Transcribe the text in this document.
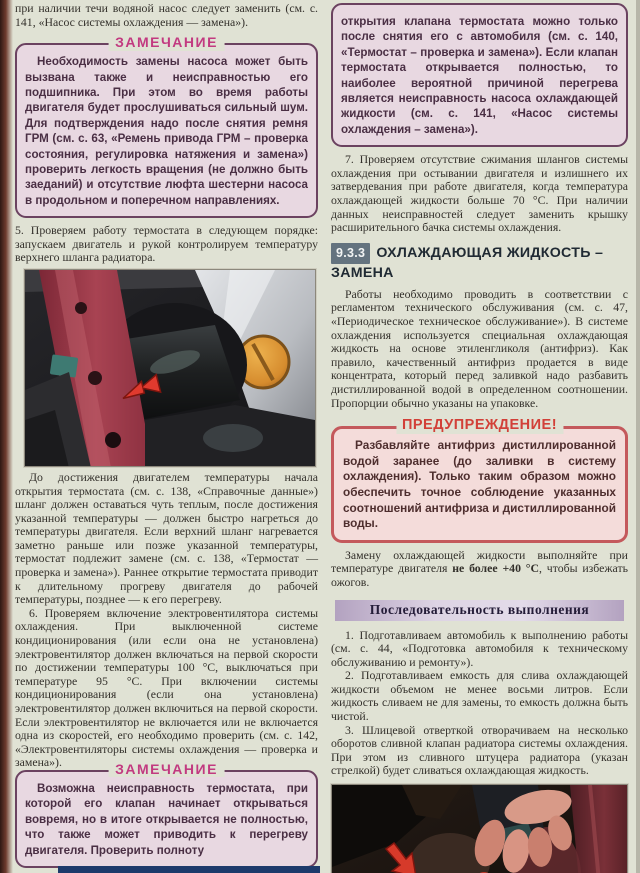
при наличии течи водяной насос следует заменить (см. с. 141, «Насос системы охлаждения — замена»).

ЗАМЕЧАНИЕ

Необходимость замены насоса может быть вызвана также и неисправностью его подшипника. При этом во время работы двигателя будет прослушиваться сильный шум. Для подтверждения надо после снятия ремня ГРМ (см. с. 63, «Ремень привода ГРМ – проверка состояния, регулировка натяжения и замена») проверить легкость вращения (не должно быть заеданий) и отсутствие люфта шестерни насоса в продольном и поперечном направлениях.

5. Проверяем работу термостата в следующем порядке: запускаем двигатель и рукой контролируем температуру верхнего шланга радиатора.

До достижения двигателем температуры начала открытия термостата (см. с. 138, «Справочные данные») шланг должен оставаться чуть теплым, после достижения указанной температуры — должен быстро нагреться до температуры двигателя. Если верхний шланг нагревается заметно раньше или позже указанной температуры, термостат подлежит замене (см. с. 138, «Термостат — проверка и замена»). Раннее открытие термостата приводит к длительному прогреву двигателя до рабочей температуры, позднее — к его перегреву.

6. Проверяем включение электровентилятора системы охлаждения. При выключенной системе кондиционирования (или если она не установлена) электровентилятор должен включаться на первой скорости по достижении температуры 100 °С, выключаться при температуре 95 °С. При включении системы кондиционирования (если она установлена) электровентилятор должен включиться на первой скорости. Если электровентилятор не включается или не включается одна из скоростей, его необходимо проверить (см. с. 142, «Электровентиляторы системы охлаждения — проверка и замена»).	ЗАМЕЧАНИЕ

Возможна неисправность термостата, при которой его клапан начинает открываться вовремя, но в итоге открывается не полностью, что также может приводить к перегреву двигателя. Проверить полноту

открытия клапана термостата можно только после снятия его с автомобиля (см. с. 140, «Термостат – проверка и замена»). Если клапан термостата открывается полностью, то наиболее вероятной причиной перегрева является неисправность насоса охлаждающей жидкости (см. с. 141, «Насос системы охлаждения – замена»).

7. Проверяем отсутствие сжимания шлангов системы охлаждения при остывании двигателя и излишнего их затвердевания при работе двигателя, когда температура охлаждающей жидкости больше 70 °С. При наличии данных неисправностей следует заменить крышку расширительного бачка системы охлаждения.

9.3.3 ОХЛАЖДАЮЩАЯ ЖИДКОСТЬ – ЗАМЕНА

Работы необходимо проводить в соответствии с регламентом технического обслуживания (см. с. 47, «Периодическое техническое обслуживание»). В системе охлаждения используется специальная охлаждающая жидкость на основе этиленгликоля (антифриз). Как правило, качественный антифриз продается в виде концентрата, который перед заливкой надо разбавить дистиллированной водой в определенном соотношении. Пропорции обычно указаны на упаковке.

ПРЕДУПРЕЖДЕНИЕ!

Разбавляйте антифриз дистиллированной водой заранее (до заливки в систему охлаждения). Только таким образом можно обеспечить точное соблюдение указанных соотношений антифриза и дистиллированной воды.

Замену охлаждающей жидкости выполняйте при температуре двигателя не более +40 °С, чтобы избежать ожогов.

Последовательность выполнения

1. Подготавливаем автомобиль к выполнению работы (см. с. 44, «Подготовка автомобиля к техническому обслуживанию и ремонту»).

2. Подготавливаем емкость для слива охлаждающей жидкости объемом не менее восьми литров. Если жидкость сливаем не для замены, то емкость должна быть чистой.

3. Шлицевой отверткой отворачиваем на несколько оборотов сливной клапан радиатора системы охлаждения. При этом из сливного штуцера радиатора (указан стрелкой) будет сливаться охлаждающая жидкость.
